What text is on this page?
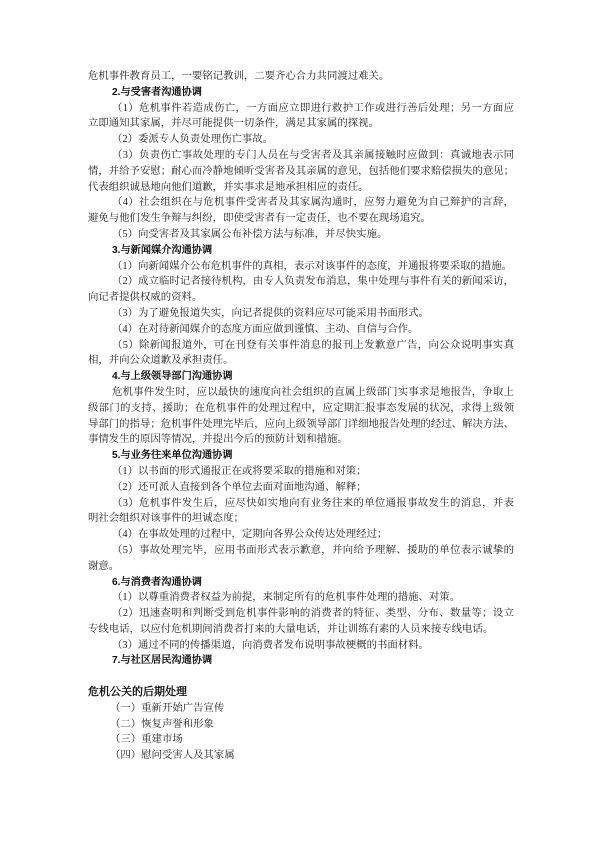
危机事件教育员工，一要铭记教训，二要齐心合力共同渡过难关。
2.与受害者沟通协调
（1）危机事件若造成伤亡，一方面应立即进行救护工作或进行善后处理；另一方面应
立即通知其家属，并尽可能提供一切条件，满足其家属的探视。
（2）委派专人负责处理伤亡事故。
（3）负责伤亡事故处理的专门人员在与受害者及其亲属接触时应做到：真诚地表示同
情，并给予安慰；耐心而冷静地倾听受害者及其亲属的意见，包括他们要求赔偿损失的意见；
代表组织诚恳地向他们道歉，并实事求是地承担相应的责任。
（4）社会组织在与危机事件受害者及其家属沟通时，应努力避免为自己辩护的言辞，
避免与他们发生争辩与纠纷，即使受害者有一定责任，也不要在现场追究。
（5）向受害者及其家属公布补偿方法与标准，并尽快实施。
3.与新闻媒介沟通协调
（1）向新闻媒介公布危机事件的真相，表示对该事件的态度，并通报将要采取的措施。
（2）成立临时记者接待机构，由专人负责发布消息，集中处理与事件有关的新闻采访，
向记者提供权威的资料。
（3）为了避免报道失实，向记者提供的资料应尽可能采用书面形式。
（4）在对待新闻媒介的态度方面应做到谨慎、主动、自信与合作。
（5）除新闻报道外，可在刊登有关事件消息的报刊上发歉意广告，向公众说明事实真
相，并向公众道歉及承担责任。
4.与上级领导部门沟通协调
危机事件发生时，应以最快的速度向社会组织的直属上级部门实事求是地报告，争取上
级部门的支持、援助；在危机事件的处理过程中，应定期汇报事态发展的状况，求得上级领
导部门的指导；危机事件处理完毕后，应向上级领导部门详细地报告处理的经过、解决方法、
事情发生的原因等情况，并提出今后的预防计划和措施。
5.与业务往来单位沟通协调
（1）以书面的形式通报正在或将要采取的措施和对策；
（2）还可派人直接到各个单位去面对面地沟通、解释；
（3）危机事件发生后，应尽快如实地向有业务往来的单位通报事故发生的消息，并表
明社会组织对该事件的坦诚态度；
（4）在事故处理的过程中，定期向各界公众传达处理经过；
（5）事故处理完毕，应用书面形式表示歉意，并向给予理解、援助的单位表示诚挚的
谢意。
6.与消费者沟通协调
（1）以尊重消费者权益为前提，来制定所有的危机事件处理的措施、对策。
（2）迅速查明和判断受到危机事件影响的消费者的特征、类型、分布、数量等；设立
专线电话，以应付危机期间消费者打来的大量电话，并让训练有素的人员来接专线电话。
（3）通过不同的传播渠道，向消费者发布说明事故梗概的书面材料。
7.与社区居民沟通协调
危机公关的后期处理
（一）重新开始广告宣传
（二）恢复声誉和形象
（三）重建市场
（四）慰问受害人及其家属
